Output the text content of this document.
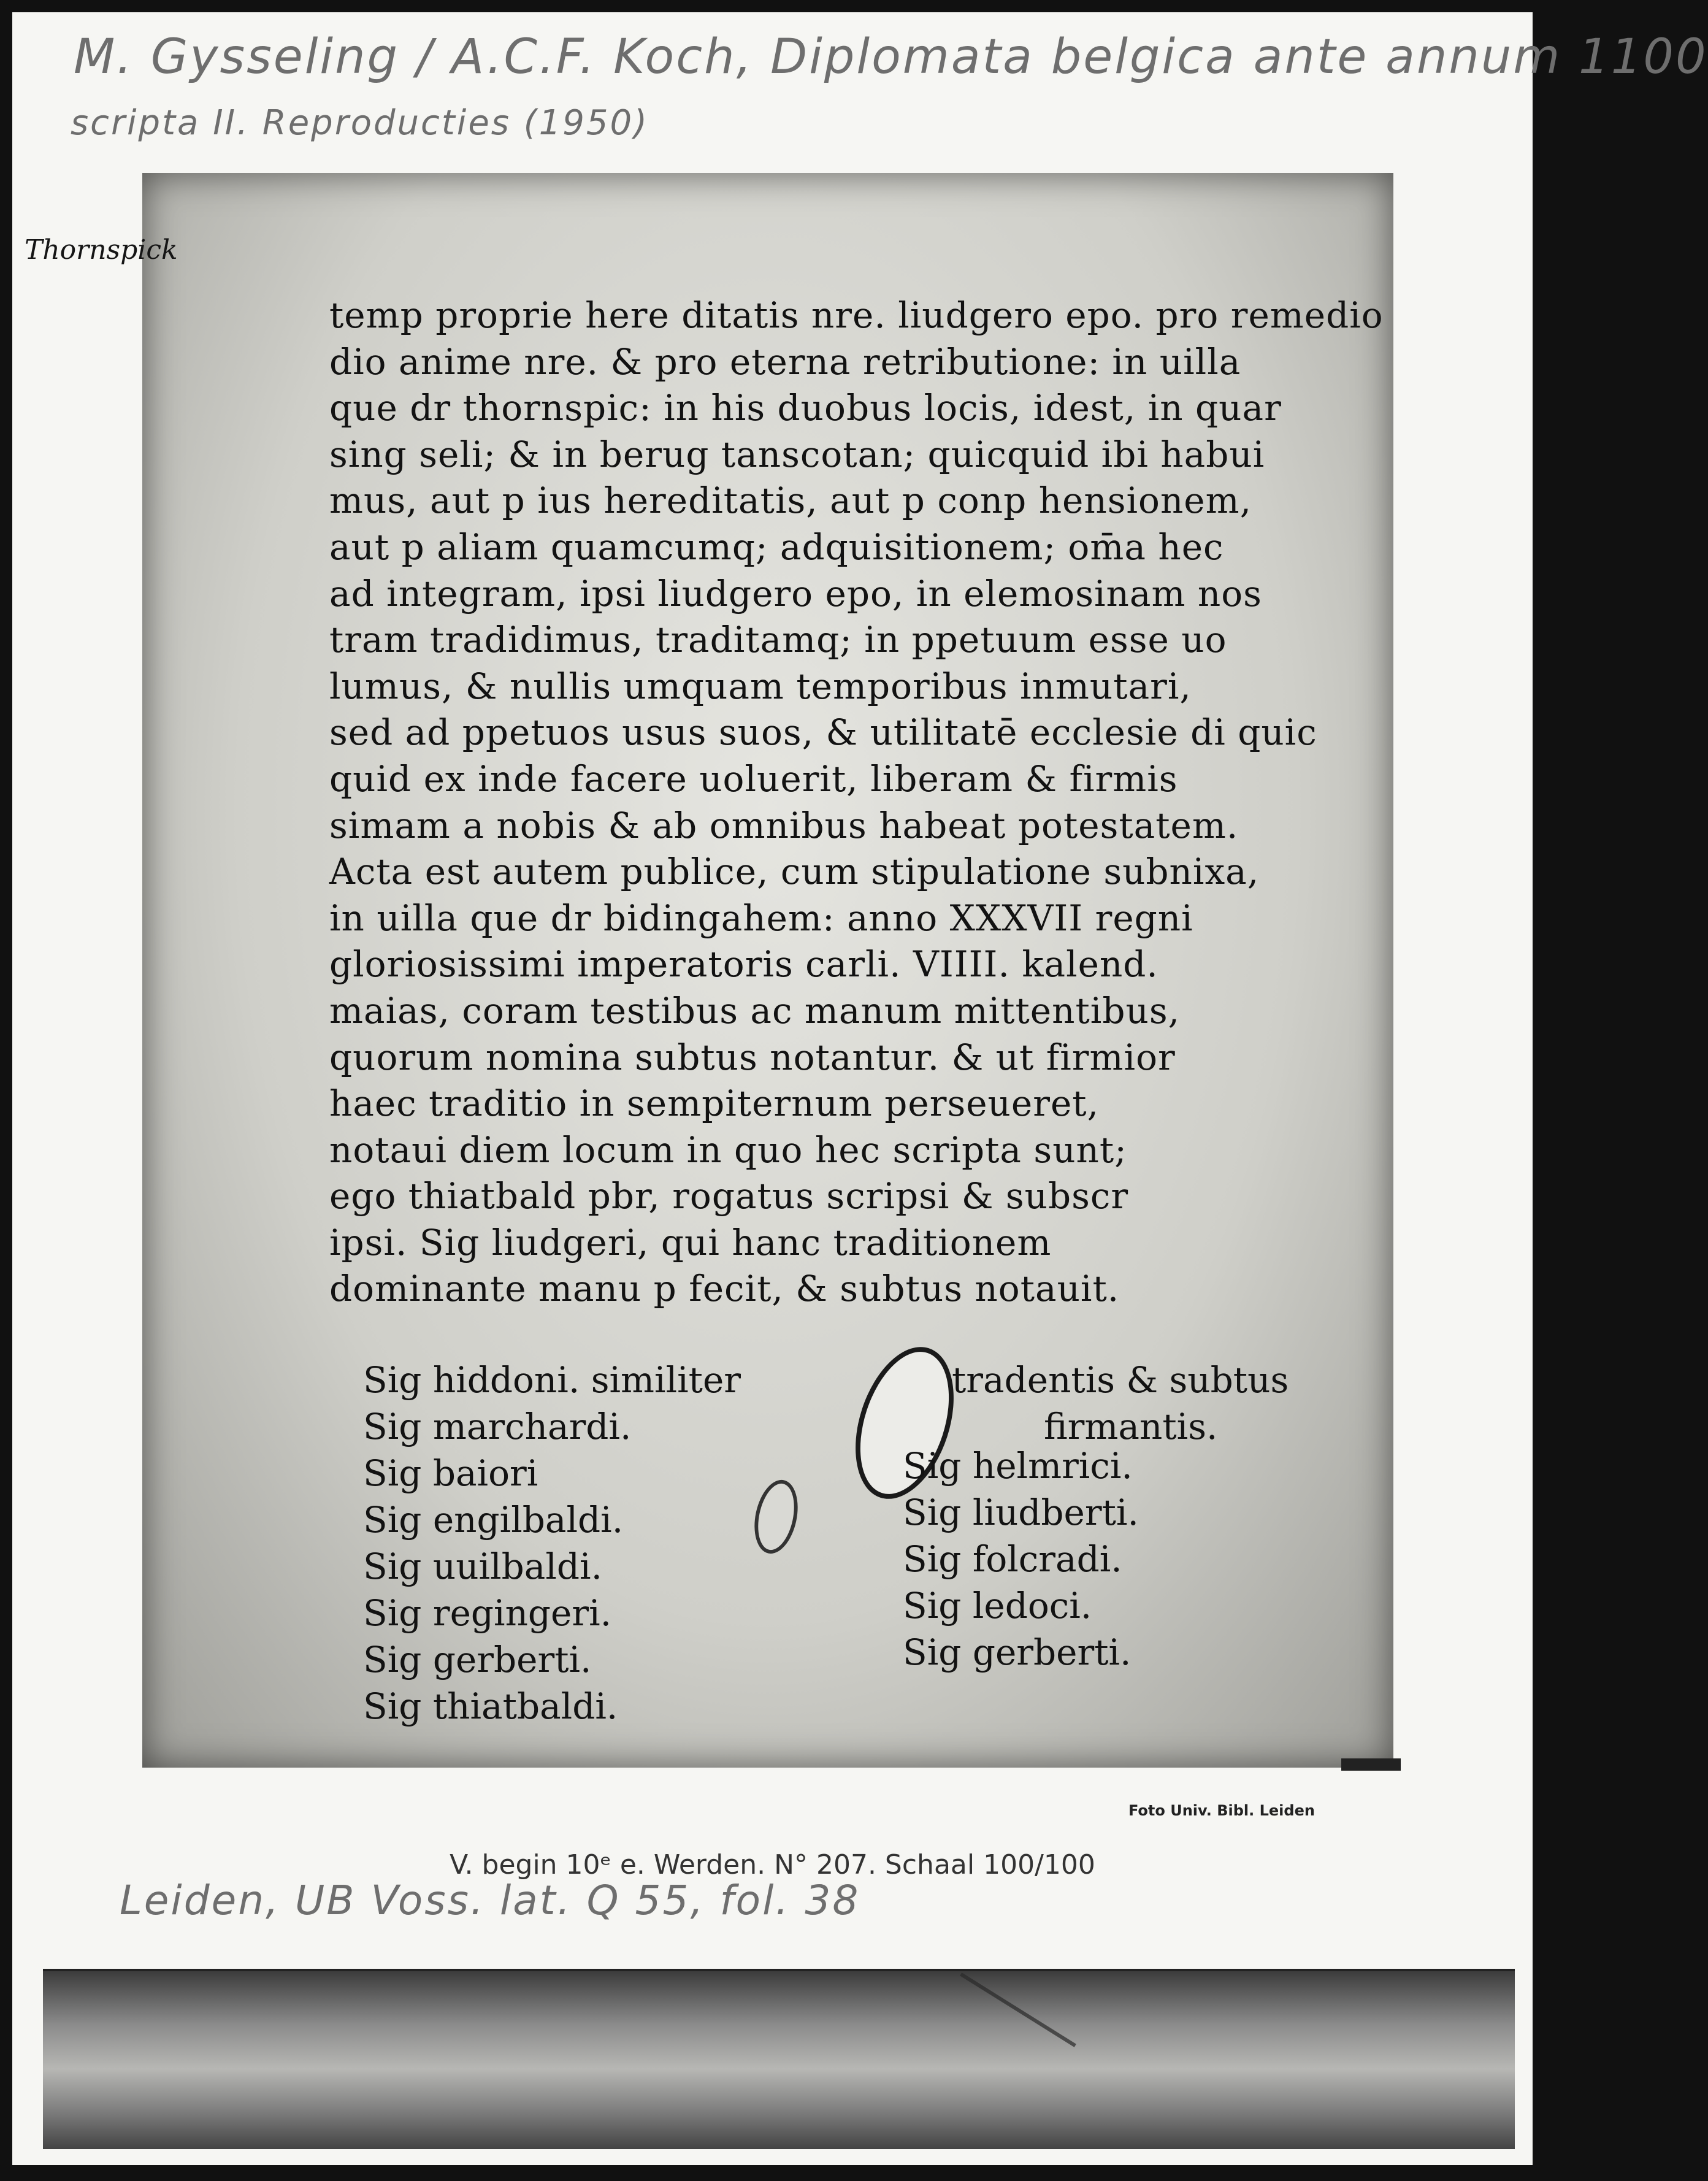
M. Gysseling / A.C.F. Koch, Diplomata belgica ante annum 1100
scripta II. Reproducties (1950)
temp proprie here ditatis nre. liudgero epo. pro remedio
dio anime nre. & pro eterna retributione: in uilla
que dr thornspic: in his duobus locis, idest, in quar
sing seli; & in berug tanscotan; quicquid ibi habui
mus, aut p ius hereditatis, aut p conp hensionem,
aut p aliam quamcumq; adquisitionem; om̄a hec
ad integram, ipsi liudgero epo, in elemosinam nos
tram tradidimus, traditamq; in ppetuum esse uo
lumus, & nullis umquam temporibus inmutari,
sed ad ppetuos usus suos, & utilitatē ecclesie di quic
quid ex inde facere uoluerit, liberam & firmis
simam a nobis & ab omnibus habeat potestatem.
Acta est autem publice, cum stipulatione subnixa,
in uilla que dr bidingahem: anno XXXVII regni
gloriosissimi imperatoris carli. VIIII. kalend.
maias, coram testibus ac manum mittentibus,
quorum nomina subtus notantur. & ut firmior
haec traditio in sempiternum perseueret,
notaui diem locum in quo hec scripta sunt;
ego thiatbald pbr, rogatus scripsi & subscr
ipsi. Sig liudgeri, qui hanc traditionem
dominante manu p fecit, & subtus notauit.
Sig hiddoni. similiter
Sig marchardi.
Sig baiori
Sig engilbaldi.
Sig uuilbaldi.
Sig regingeri.
Sig gerberti.
Sig thiatbaldi.
tradentis & subtus
firmantis.
Sig helmrici.
Sig liudberti.
Sig folcradi.
Sig ledoci.
Sig gerberti.
Thornspick
Foto Univ. Bibl. Leiden
V. begin 10ᵉ e. Werden. N° 207. Schaal 100/100
Leiden, UB Voss. lat. Q 55, fol. 38
